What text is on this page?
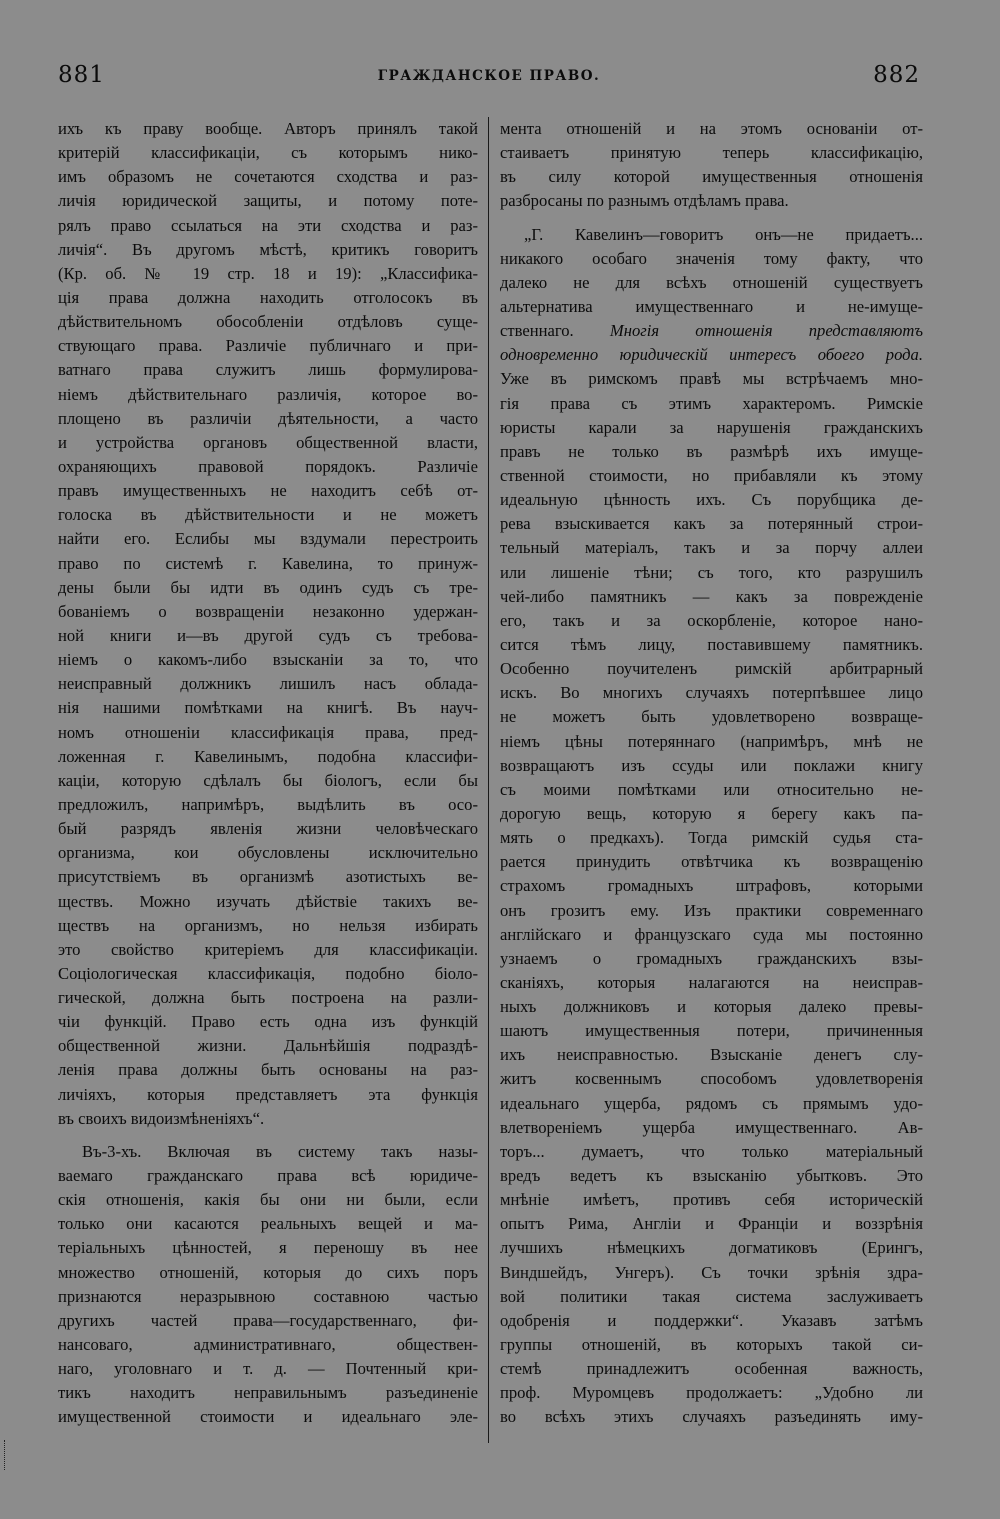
881	ГРАЖДАНСКОЕ ПРАВО.	882
ихъ къ праву вообще. Авторъ принялъ такой
критерій классификаціи, съ которымъ нико-
имъ образомъ не сочетаются сходства и раз-
личія юридической защиты, и потому поте-
рялъ право ссылаться на эти сходства и раз-
личія“. Въ другомъ мѣстѣ, критикъ говоритъ
(Кр. об. № 19 стр. 18 и 19): „Классифика-
ція права должна находить отголосокъ въ
дѣйствительномъ обособленіи отдѣловъ суще-
ствующаго права. Различіе публичнаго и при-
ватнаго права служитъ лишь формулирова-
ніемъ дѣйствительнаго различія, которое во-
площено въ различіи дѣятельности, а часто
и устройства органовъ общественной власти,
охраняющихъ правовой порядокъ. Различіе
правъ имущественныхъ не находитъ себѣ от-
голоска въ дѣйствительности и не можетъ
найти его. Еслибы мы вздумали перестроить
право по системѣ г. Кавелина, то принуж-
дены были бы идти въ одинъ судъ съ тре-
бованіемъ о возвращеніи незаконно удержан-
ной книги и—въ другой судъ съ требова-
ніемъ о какомъ-либо взысканіи за то, что
неисправный должникъ лишилъ насъ облада-
нія нашими помѣтками на книгѣ. Въ науч-
номъ отношеніи классификація права, пред-
ложенная г. Кавелинымъ, подобна классифи-
каціи, которую сдѣлалъ бы біологъ, если бы
предложилъ, напримѣръ, выдѣлить въ осо-
бый разрядъ явленія жизни человѣческаго
организма, кои обусловлены исключительно
присутствіемъ въ организмѣ азотистыхъ ве-
ществъ. Можно изучать дѣйствіе такихъ ве-
ществъ на организмъ, но нельзя избирать
это свойство критеріемъ для классификаціи.
Соціологическая классификація, подобно біоло-
гической, должна быть построена на разли-
чіи функцій. Право есть одна изъ функцій
общественной жизни. Дальнѣйшія подраздѣ-
ленія права должны быть основаны на раз-
личіяхъ, которыя представляетъ эта функція
въ своихъ видоизмѣненіяхъ“.
Въ-3-хъ. Включая въ систему такъ назы-
ваемаго гражданскаго права всѣ юридиче-
скія отношенія, какія бы они ни были, если
только они касаются реальныхъ вещей и ма-
теріальныхъ цѣнностей, я переношу въ нее
множество отношеній, которыя до сихъ поръ
признаются неразрывною составною частью
другихъ частей права—государственнаго, фи-
нансоваго, административнаго, обществен-
наго, уголовнаго и т. д. — Почтенный кри-
тикъ находитъ неправильнымъ разъединеніе
имущественной стоимости и идеальнаго эле-
мента отношеній и на этомъ основаніи от-
стаиваетъ принятую теперь классификацію,
въ силу которой имущественныя отношенія
разбросаны по разнымъ отдѣламъ права.
„Г. Кавелинъ—говоритъ онъ—не придаетъ...
никакого особаго значенія тому факту, что
далеко не для всѣхъ отношеній существуетъ
альтернатива имущественнаго и не-имуще-
ственнаго. Многія отношенія представляютъ
одновременно юридическій интересъ обоего рода.
Уже въ римскомъ правѣ мы встрѣчаемъ мно-
гія права съ этимъ характеромъ. Римскіе
юристы карали за нарушенія гражданскихъ
правъ не только въ размѣрѣ ихъ имуще-
ственной стоимости, но прибавляли къ этому
идеальную цѣнность ихъ. Съ порубщика де-
рева взыскивается какъ за потерянный строи-
тельный матеріалъ, такъ и за порчу аллеи
или лишеніе тѣни; съ того, кто разрушилъ
чей-либо памятникъ — какъ за поврежденіе
его, такъ и за оскорбленіе, которое нано-
сится тѣмъ лицу, поставившему памятникъ.
Особенно поучителенъ римскій арбитрарный
искъ. Во многихъ случаяхъ потерпѣвшее лицо
не можетъ быть удовлетворено возвраще-
ніемъ цѣны потеряннаго (напримѣръ, мнѣ не
возвращаютъ изъ ссуды или поклажи книгу
съ моими помѣтками или относительно не-
дорогую вещь, которую я берегу какъ па-
мять о предкахъ). Тогда римскій судья ста-
рается принудить отвѣтчика къ возвращенію
страхомъ громадныхъ штрафовъ, которыми
онъ грозитъ ему. Изъ практики современнаго
англійскаго и французскаго суда мы постоянно
узнаемъ о громадныхъ гражданскихъ взы-
сканіяхъ, которыя налагаются на неисправ-
ныхъ должниковъ и которыя далеко превы-
шаютъ имущественныя потери, причиненныя
ихъ неисправностью. Взысканіе денегъ слу-
житъ косвеннымъ способомъ удовлетворенія
идеальнаго ущерба, рядомъ съ прямымъ удо-
влетвореніемъ ущерба имущественнаго. Ав-
торъ... думаетъ, что только матеріальный
вредъ ведетъ къ взысканію убытковъ. Это
мнѣніе имѣетъ, противъ себя историческій
опытъ Рима, Англіи и Франціи и воззрѣнія
лучшихъ нѣмецкихъ догматиковъ (Ерингъ,
Виндшейдъ, Унгеръ). Съ точки зрѣнія здра-
вой политики такая система заслуживаетъ
одобренія и поддержки“. Указавъ затѣмъ
группы отношеній, въ которыхъ такой си-
стемѣ принадлежитъ особенная важность,
проф. Муромцевъ продолжаетъ: „Удобно ли
во всѣхъ этихъ случаяхъ разъединять иму-
